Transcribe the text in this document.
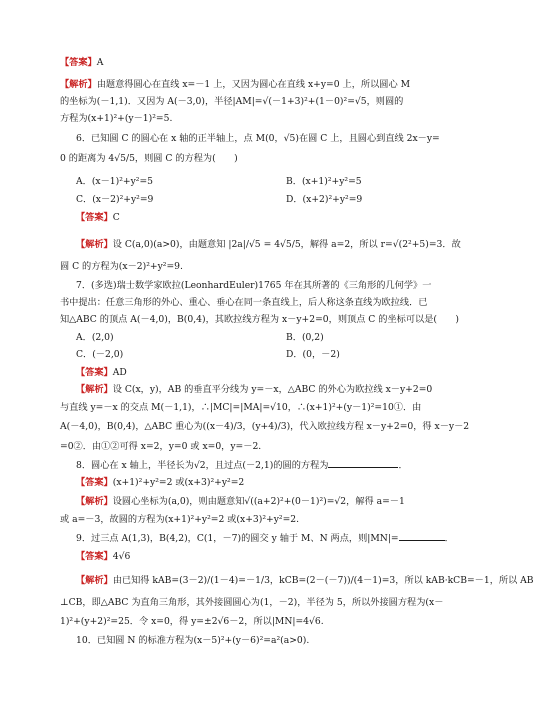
【答案】A
【解析】由题意得圆心在直线 x=－1 上，又因为圆心在直线 x+y=0 上，所以圆心 M
的坐标为(－1,1)．又因为 A(－3,0)，半径|AM|=√(－1+3)²+(1－0)²=√5，则圆的
方程为(x+1)²+(y－1)²=5.
6．已知圆 C 的圆心在 x 轴的正半轴上，点 M(0，√5)在圆 C 上，且圆心到直线 2x－y=
0 的距离为 4√5/5，则圆 C 的方程为(　　)
A．(x－1)²+y²=5	B．(x+1)²+y²=5
C．(x－2)²+y²=9	D．(x+2)²+y²=9
【答案】C
【解析】设 C(a,0)(a>0)，由题意知 |2a|/√5 = 4√5/5，解得 a=2，所以 r=√(2²+5)=3．故
圆 C 的方程为(x－2)²+y²=9.
7．(多选)瑞士数学家欧拉(LeonhardEuler)1765 年在其所著的《三角形的几何学》一
书中提出：任意三角形的外心、重心、垂心在同一条直线上，后人称这条直线为欧拉线．已
知△ABC 的顶点 A(－4,0)，B(0,4)，其欧拉线方程为 x－y+2=0，则顶点 C 的坐标可以是(　　)
A．(2,0)	B．(0,2)
C．(－2,0)	D．(0，－2)
【答案】AD
【解析】设 C(x，y)，AB 的垂直平分线为 y=－x，△ABC 的外心为欧拉线 x－y+2=0
与直线 y=－x 的交点 M(－1,1)，∴|MC|=|MA|=√10，∴(x+1)²+(y－1)²=10①．由
A(－4,0)，B(0,4)，△ABC 重心为((x－4)/3，(y+4)/3)，代入欧拉线方程 x－y+2=0，得 x－y－2
=0②．由①②可得 x=2，y=0 或 x=0，y=－2.
8．圆心在 x 轴上，半径长为√2，且过点(－2,1)的圆的方程为	．
【答案】(x+1)²+y²=2 或(x+3)²+y²=2
【解析】设圆心坐标为(a,0)，则由题意知√((a+2)²+(0－1)²)=√2，解得 a=－1
或 a=－3，故圆的方程为(x+1)²+y²=2 或(x+3)²+y²=2.
9．过三点 A(1,3)，B(4,2)，C(1，－7)的圆交 y 轴于 M、N 两点，则|MN|=	．
【答案】4√6
【解析】由已知得 kAB=(3－2)/(1－4)=－1/3，kCB=(2－(－7))/(4－1)=3，所以 kAB·kCB=－1，所以 AB
⊥CB，即△ABC 为直角三角形，其外接圆圆心为(1，－2)，半径为 5，所以外接圆方程为(x－
1)²+(y+2)²=25．令 x=0，得 y=±2√6－2，所以|MN|=4√6.
10．已知圆 N 的标准方程为(x－5)²+(y－6)²=a²(a>0).
